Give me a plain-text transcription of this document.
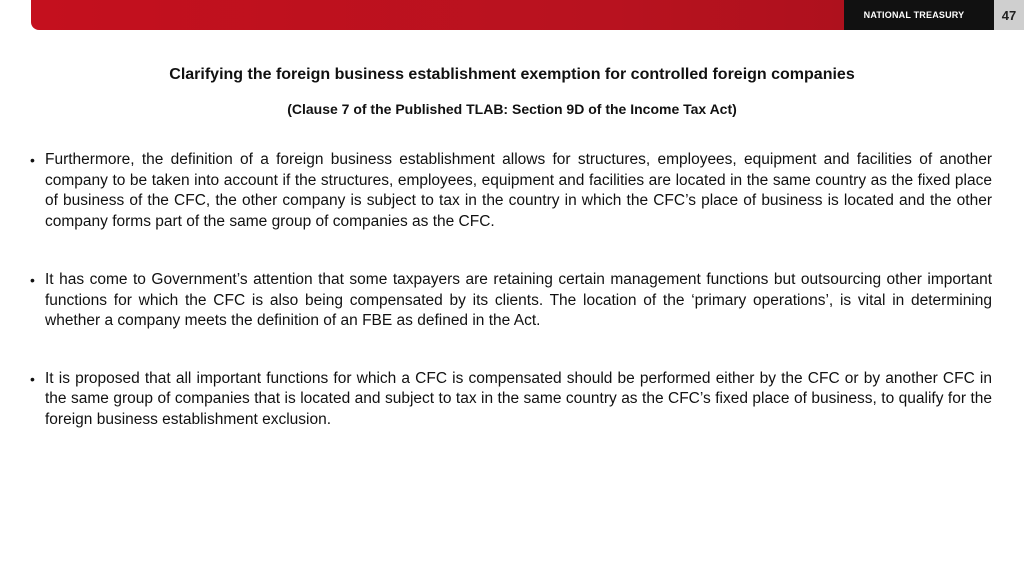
NATIONAL TREASURY	47
Clarifying the foreign business establishment exemption for controlled foreign companies
(Clause 7 of the Published TLAB: Section 9D of the Income Tax Act)
• Furthermore, the definition of a foreign business establishment allows for structures, employees, equipment and facilities of another company to be taken into account if the structures, employees, equipment and facilities are located in the same country as the fixed place of business of the CFC, the other company is subject to tax in the country in which the CFC’s place of business is located and the other company forms part of the same group of companies as the CFC.
• It has come to Government’s attention that some taxpayers are retaining certain management functions but outsourcing other important functions for which the CFC is also being compensated by its clients. The location of the ‘primary operations’, is vital in determining whether a company meets the definition of an FBE as defined in the Act.
• It is proposed that all important functions for which a CFC is compensated should be performed either by the CFC or by another CFC in the same group of companies that is located and subject to tax in the same country as the CFC’s fixed place of business, to qualify for the foreign business establishment exclusion.
